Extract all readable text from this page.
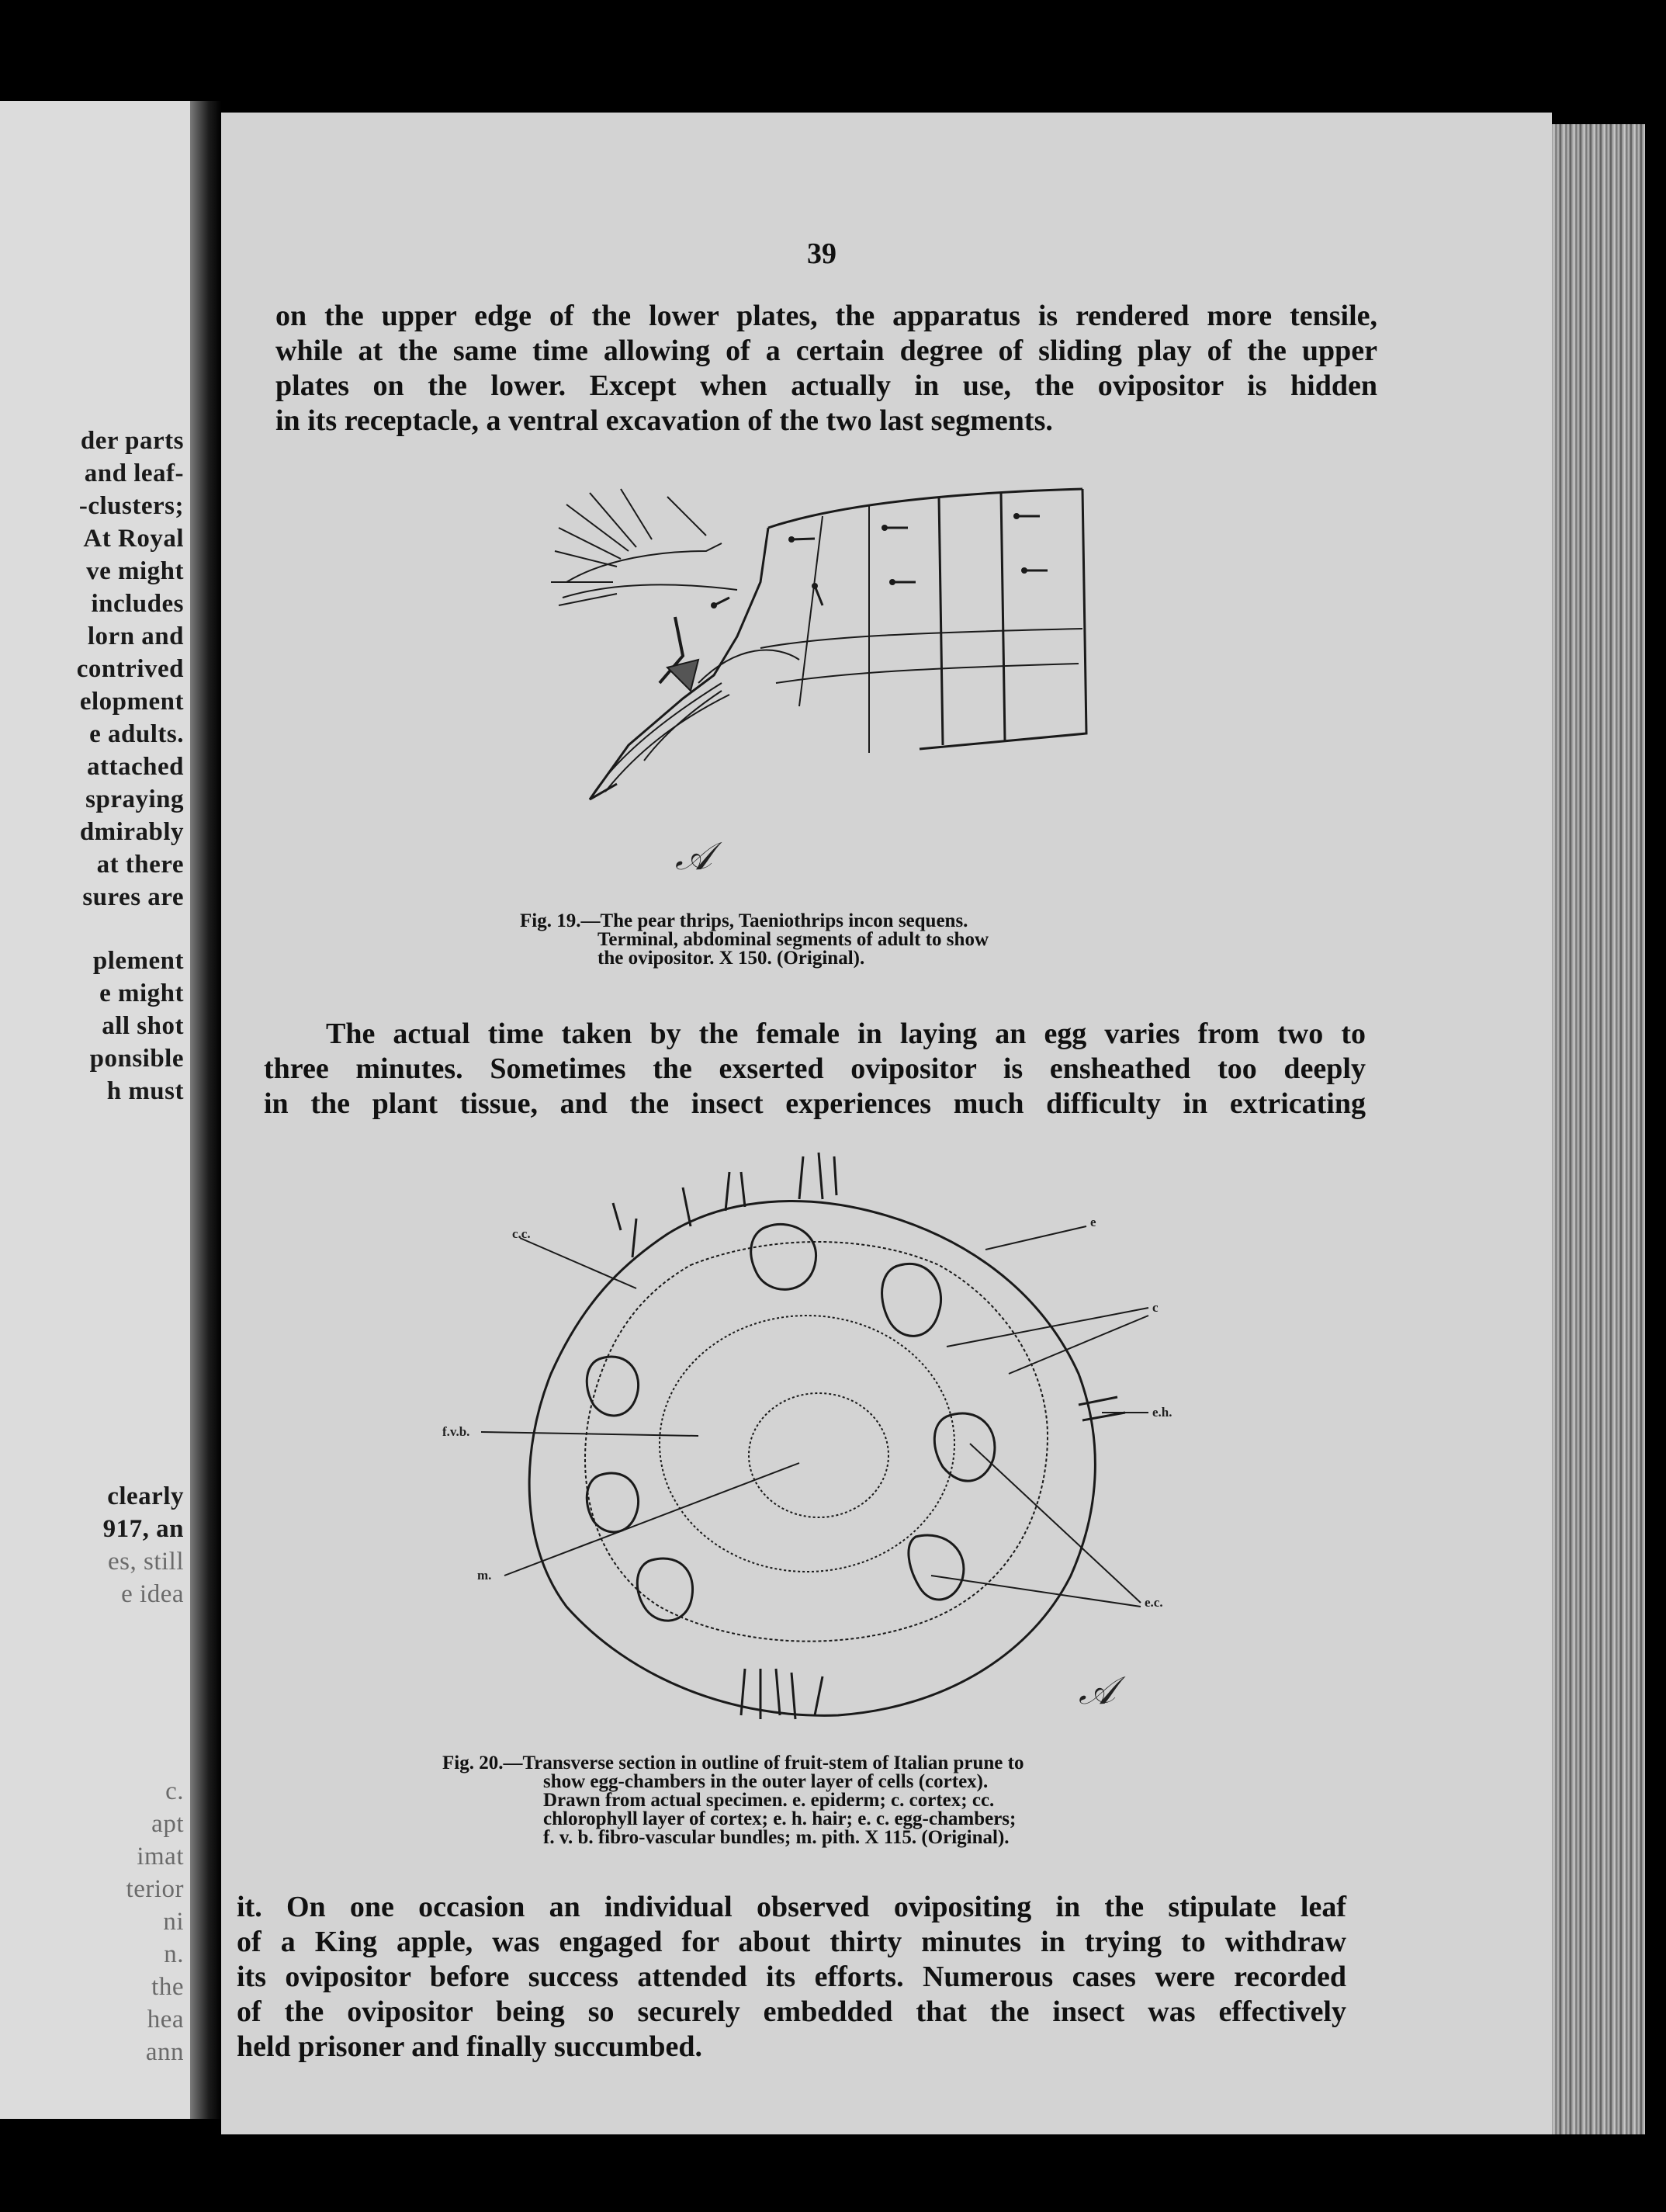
der parts
and leaf-
-clusters;
At Royal
ve might
includes
lorn and
contrived
elopment
e adults.
attached
spraying
dmirably
at there
sures are
plement
e might
all shot
ponsible
h must
clearly
917, an
es, still
e idea
c.
apt
imat
terior
ni
n.
the
hea
ann
39
on the upper edge of the lower plates, the apparatus is rendered more tensile,
while at the same time allowing of a certain degree of sliding play of the upper
plates on the lower. Except when actually in use, the ovipositor is hidden
in its receptacle, a ventral excavation of the two last segments.
𝒜
Fig. 19.—The pear thrips, Taeniothrips incon sequens.
Terminal, abdominal segments of adult to show
the ovipositor. X 150. (Original).
The actual time taken by the female in laying an egg varies from two to
three minutes. Sometimes the exserted ovipositor is ensheathed too deeply
in the plant tissue, and the insect experiences much difficulty in extricating
c.c.
e
c
e.h.
f.v.b.
m.
e.c.
𝒜
Fig. 20.—Transverse section in outline of fruit-stem of Italian prune to
show egg-chambers in the outer layer of cells (cortex).
Drawn from actual specimen. e. epiderm; c. cortex; cc.
chlorophyll layer of cortex; e. h. hair; e. c. egg-chambers;
f. v. b. fibro-vascular bundles; m. pith. X 115. (Original).
it. On one occasion an individual observed ovipositing in the stipulate leaf
of a King apple, was engaged for about thirty minutes in trying to withdraw
its ovipositor before success attended its efforts. Numerous cases were recorded
of the ovipositor being so securely embedded that the insect was effectively
held prisoner and finally succumbed.
